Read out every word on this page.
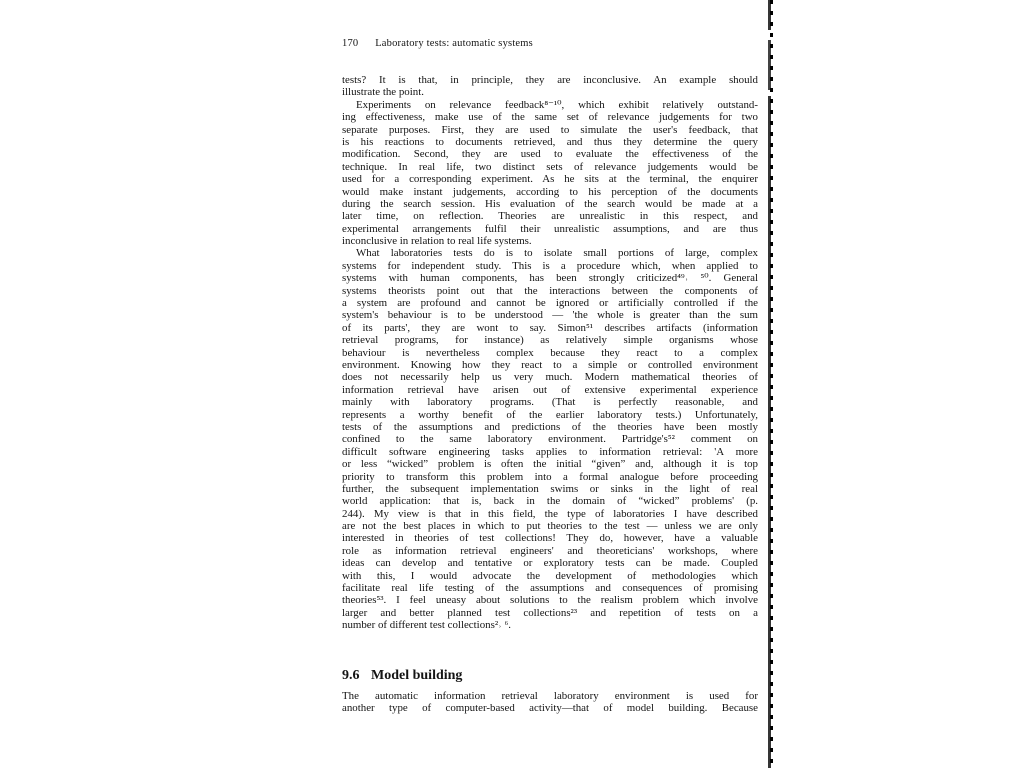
170 Laboratory tests: automatic systems
tests? It is that, in principle, they are inconclusive. An example should
illustrate the point.
Experiments on relevance feedback⁸⁻¹⁰, which exhibit relatively outstand-
ing effectiveness, make use of the same set of relevance judgements for two
separate purposes. First, they are used to simulate the user's feedback, that
is his reactions to documents retrieved, and thus they determine the query
modification. Second, they are used to evaluate the effectiveness of the
technique. In real life, two distinct sets of relevance judgements would be
used for a corresponding experiment. As he sits at the terminal, the enquirer
would make instant judgements, according to his perception of the documents
during the search session. His evaluation of the search would be made at a
later time, on reflection. Theories are unrealistic in this respect, and
experimental arrangements fulfil their unrealistic assumptions, and are thus
inconclusive in relation to real life systems.
What laboratories tests do is to isolate small portions of large, complex
systems for independent study. This is a procedure which, when applied to
systems with human components, has been strongly criticized⁴⁹˒ ⁵⁰. General
systems theorists point out that the interactions between the components of
a system are profound and cannot be ignored or artificially controlled if the
system's behaviour is to be understood — 'the whole is greater than the sum
of its parts', they are wont to say. Simon⁵¹ describes artifacts (information
retrieval programs, for instance) as relatively simple organisms whose
behaviour is nevertheless complex because they react to a complex
environment. Knowing how they react to a simple or controlled environment
does not necessarily help us very much. Modern mathematical theories of
information retrieval have arisen out of extensive experimental experience
mainly with laboratory programs. (That is perfectly reasonable, and
represents a worthy benefit of the earlier laboratory tests.) Unfortunately,
tests of the assumptions and predictions of the theories have been mostly
confined to the same laboratory environment. Partridge's⁵² comment on
difficult software engineering tasks applies to information retrieval: 'A more
or less “wicked” problem is often the initial “given” and, although it is top
priority to transform this problem into a formal analogue before proceeding
further, the subsequent implementation swims or sinks in the light of real
world application: that is, back in the domain of “wicked” problems' (p.
244). My view is that in this field, the type of laboratories I have described
are not the best places in which to put theories to the test — unless we are only
interested in theories of test collections! They do, however, have a valuable
role as information retrieval engineers' and theoreticians' workshops, where
ideas can develop and tentative or exploratory tests can be made. Coupled
with this, I would advocate the development of methodologies which
facilitate real life testing of the assumptions and consequences of promising
theories⁵³. I feel uneasy about solutions to the realism problem which involve
larger and better planned test collections²³ and repetition of tests on a
number of different test collections²˒ ⁶.
9.6 Model building
The automatic information retrieval laboratory environment is used for
another type of computer-based activity—that of model building. Because
